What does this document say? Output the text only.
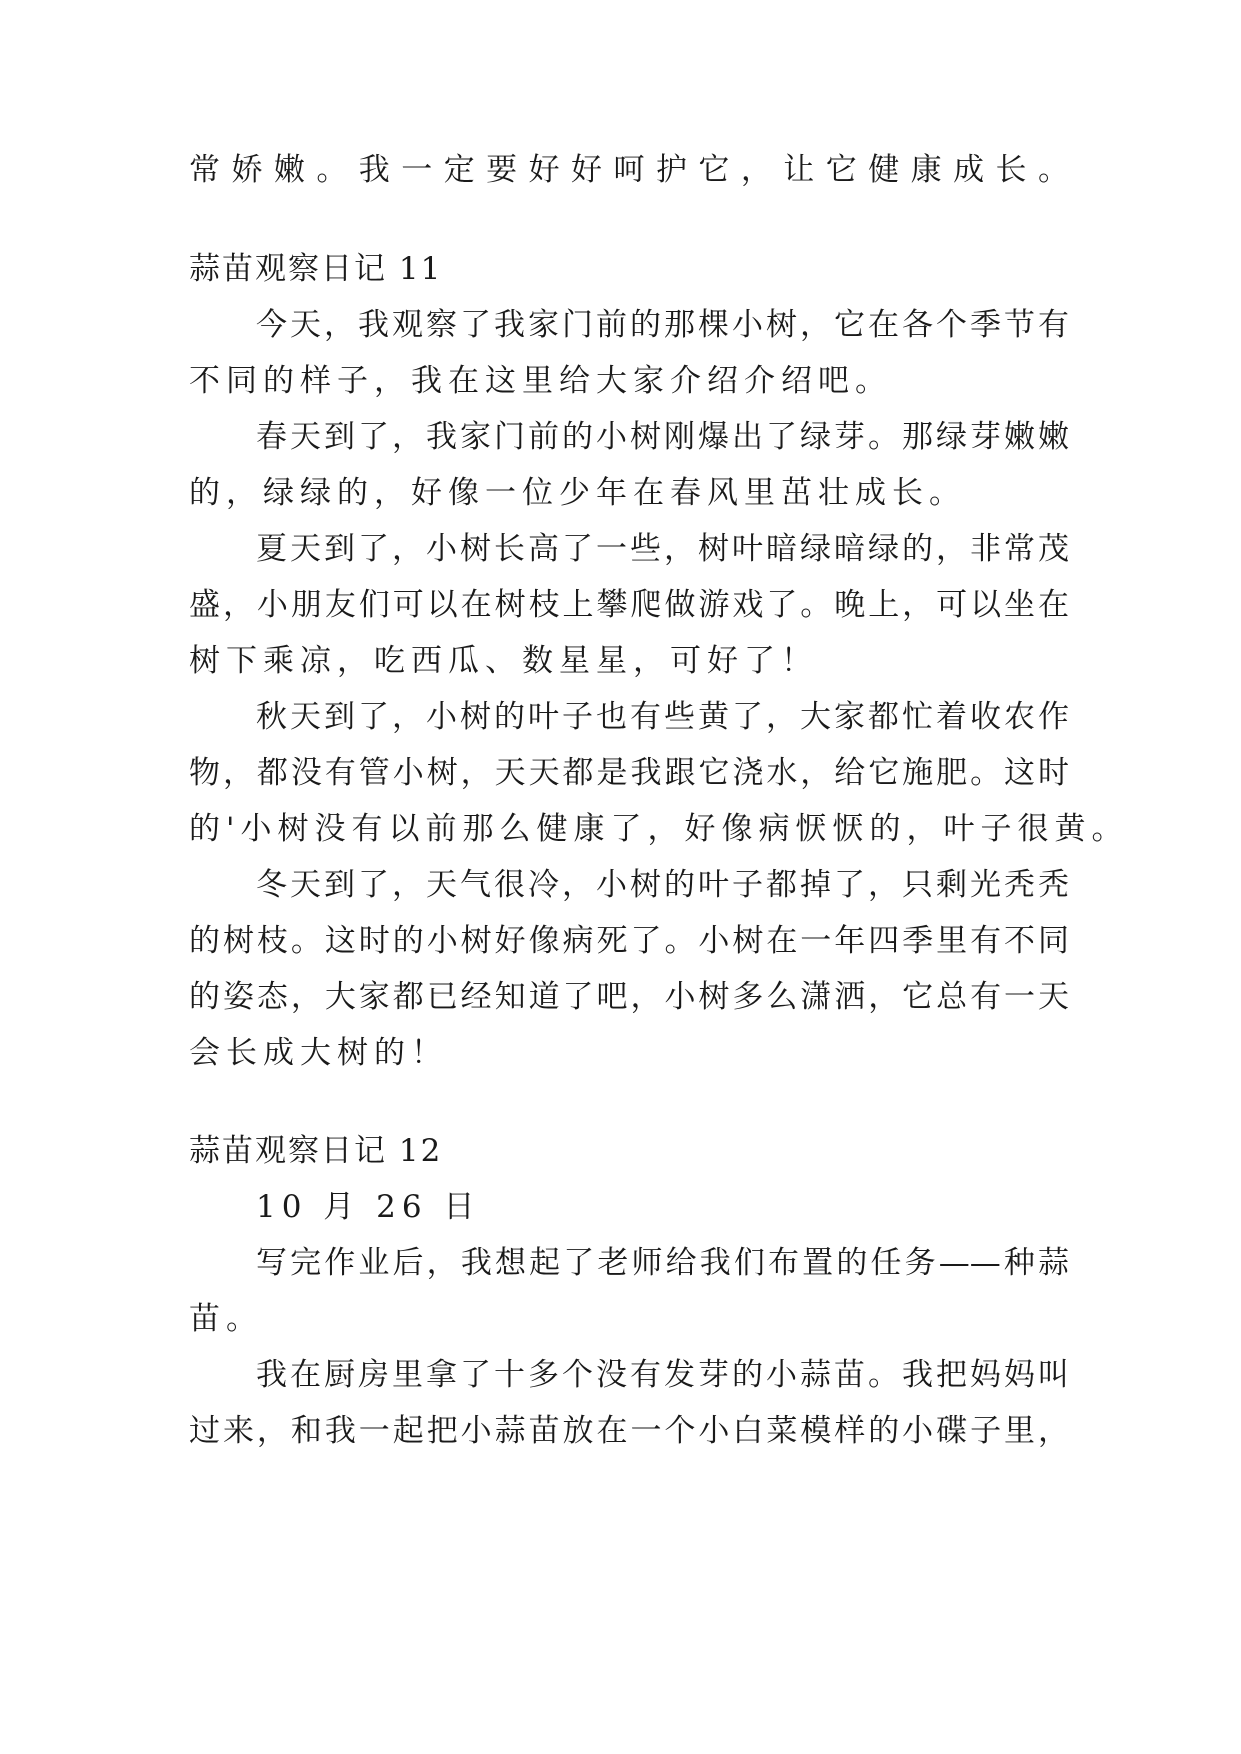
常娇嫩。我一定要好好呵护它，让它健康成长。
蒜苗观察日记 11
今天，我观察了我家门前的那棵小树，它在各个季节有
不同的样子，我在这里给大家介绍介绍吧。
春天到了，我家门前的小树刚爆出了绿芽。那绿芽嫩嫩
的，绿绿的，好像一位少年在春风里茁壮成长。
夏天到了，小树长高了一些，树叶暗绿暗绿的，非常茂
盛，小朋友们可以在树枝上攀爬做游戏了。晚上，可以坐在
树下乘凉，吃西瓜、数星星，可好了！
秋天到了，小树的叶子也有些黄了，大家都忙着收农作
物，都没有管小树，天天都是我跟它浇水，给它施肥。这时
的'小树没有以前那么健康了，好像病恹恹的，叶子很黄。
冬天到了，天气很冷，小树的叶子都掉了，只剩光秃秃
的树枝。这时的小树好像病死了。小树在一年四季里有不同
的姿态，大家都已经知道了吧，小树多么潇洒，它总有一天
会长成大树的！
蒜苗观察日记 12
10 月 26 日
写完作业后，我想起了老师给我们布置的任务——种蒜
苗。
我在厨房里拿了十多个没有发芽的小蒜苗。我把妈妈叫
过来，和我一起把小蒜苗放在一个小白菜模样的小碟子里，
